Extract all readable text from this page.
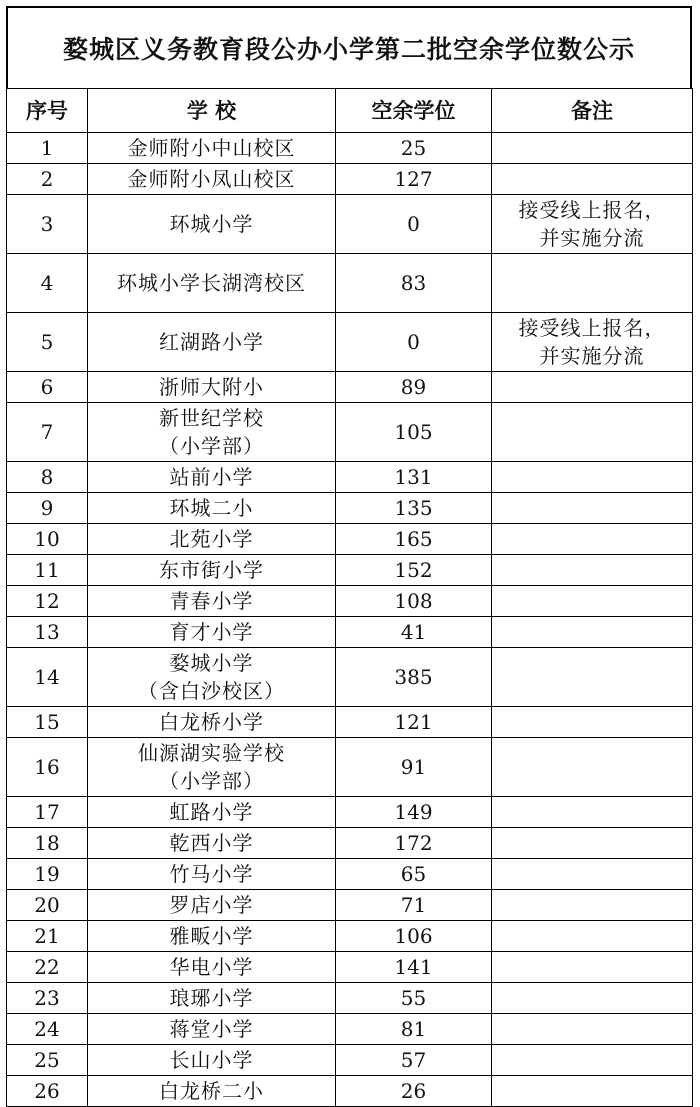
婺城区义务教育段公办小学第二批空余学位数公示
序号	学 校	空余学位	备注
1	金师附小中山校区	25	
2	金师附小凤山校区	127	
3	环城小学	0	接受线上报名，
并实施分流

4	环城小学长湖湾校区	83	
5	红湖路小学	0	接受线上报名，
并实施分流

6	浙师大附小	89	
7	新世纪学校
（小学部）	105	
8	站前小学	131	
9	环城二小	135	
10	北苑小学	165	
11	东市街小学	152	
12	青春小学	108	
13	育才小学	41	
14	婺城小学
（含白沙校区）	385	
15	白龙桥小学	121	
16	仙源湖实验学校
（小学部）	91	
17	虹路小学	149	
18	乾西小学	172	
19	竹马小学	65	
20	罗店小学	71	
21	雅畈小学	106	
22	华电小学	141	
23	琅琊小学	55	
24	蒋堂小学	81	
25	长山小学	57	
26	白龙桥二小	26	
